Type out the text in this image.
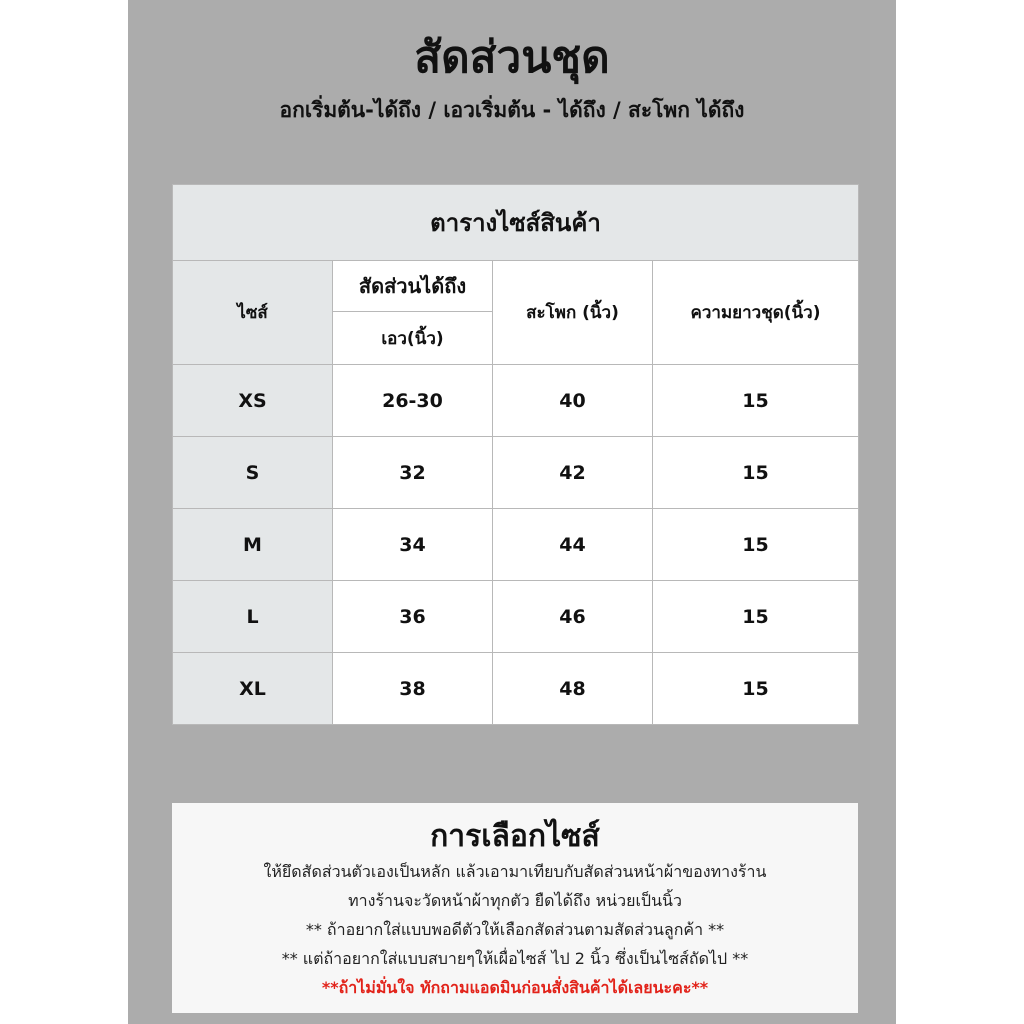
สัดส่วนชุด
อกเริ่มต้น-ได้ถึง / เอวเริ่มต้น - ได้ถึง / สะโพก ได้ถึง
ตารางไซส์สินค้า			
ไซส์	สัดส่วนได้ถึง	สะโพก (นิ้ว)	ความยาวชุด(นิ้ว)
	เอว(นิ้ว)		
XS	26-30	40	15
S	32	42	15
M	34	44	15
L	36	46	15
XL	38	48	15
การเลือกไซส์
ให้ยึดสัดส่วนตัวเองเป็นหลัก แล้วเอามาเทียบกับสัดส่วนหน้าผ้าของทางร้าน
ทางร้านจะวัดหน้าผ้าทุกตัว ยืดได้ถึง หน่วยเป็นนิ้ว
** ถ้าอยากใส่แบบพอดีตัวให้เลือกสัดส่วนตามสัดส่วนลูกค้า **
** แต่ถ้าอยากใส่แบบสบายๆให้เผื่อไซส์ ไป 2 นิ้ว ซึ่งเป็นไซส์ถัดไป **
**ถ้าไม่มั่นใจ ทักถามแอดมินก่อนสั่งสินค้าได้เลยนะคะ**
